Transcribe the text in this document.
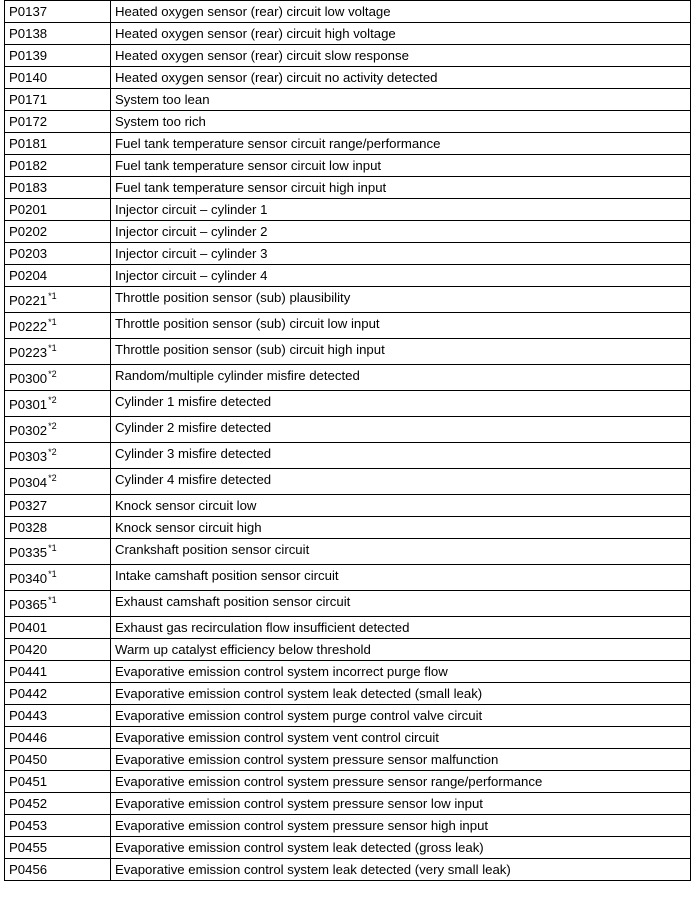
P0137	Heated oxygen sensor (rear) circuit low voltage
P0138	Heated oxygen sensor (rear) circuit high voltage
P0139	Heated oxygen sensor (rear) circuit slow response
P0140	Heated oxygen sensor (rear) circuit no activity detected
P0171	System too lean
P0172	System too rich
P0181	Fuel tank temperature sensor circuit range/performance
P0182	Fuel tank temperature sensor circuit low input
P0183	Fuel tank temperature sensor circuit high input
P0201	Injector circuit – cylinder 1
P0202	Injector circuit – cylinder 2
P0203	Injector circuit – cylinder 3
P0204	Injector circuit – cylinder 4
P0221$^{*1}$	Throttle position sensor (sub) plausibility
P0222$^{*1}$	Throttle position sensor (sub) circuit low input
P0223$^{*1}$	Throttle position sensor (sub) circuit high input
P0300$^{*2}$	Random/multiple cylinder misfire detected
P0301$^{*2}$	Cylinder 1 misfire detected
P0302$^{*2}$	Cylinder 2 misfire detected
P0303$^{*2}$	Cylinder 3 misfire detected
P0304$^{*2}$	Cylinder 4 misfire detected
P0327	Knock sensor circuit low
P0328	Knock sensor circuit high
P0335$^{*1}$	Crankshaft position sensor circuit
P0340$^{*1}$	Intake camshaft position sensor circuit
P0365$^{*1}$	Exhaust camshaft position sensor circuit
P0401	Exhaust gas recirculation flow insufficient detected
P0420	Warm up catalyst efficiency below threshold
P0441	Evaporative emission control system incorrect purge flow
P0442	Evaporative emission control system leak detected (small leak)
P0443	Evaporative emission control system purge control valve circuit
P0446	Evaporative emission control system vent control circuit
P0450	Evaporative emission control system pressure sensor malfunction
P0451	Evaporative emission control system pressure sensor range/performance
P0452	Evaporative emission control system pressure sensor low input
P0453	Evaporative emission control system pressure sensor high input
P0455	Evaporative emission control system leak detected (gross leak)
P0456	Evaporative emission control system leak detected (very small leak)
